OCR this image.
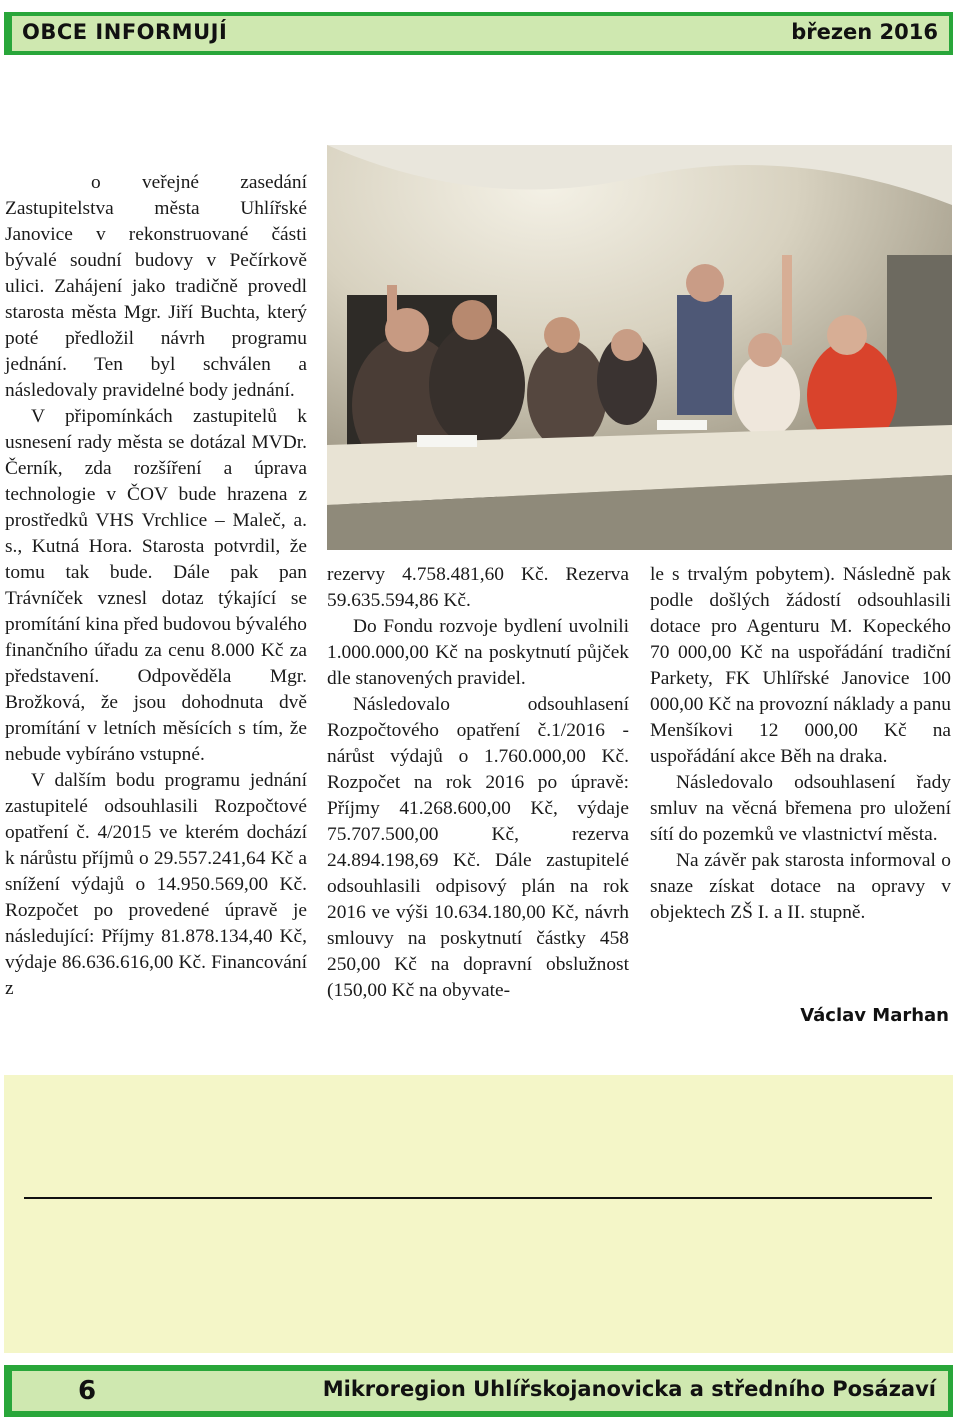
OBCE INFORMUJÍ	březen 2016

o veřejné zasedání Zastupitelstva města Uhlířské Janovice v rekonstruované části bývalé soudní budovy v Pečírkově ulici. Zahájení jako tradičně provedl starosta města Mgr. Jiří Buchta, který poté předložil návrh programu jednání. Ten byl schválen a následovaly pravidelné body jednání.

V připomínkách zastupitelů k usnesení rady města se dotázal MVDr. Černík, zda rozšíření a úprava technologie v ČOV bude hrazena z prostředků VHS Vrchlice – Maleč, a. s., Kutná Hora. Starosta potvrdil, že tomu tak bude. Dále pak pan Trávníček vznesl dotaz týkající se promítání kina před budovou bývalého finančního úřadu za cenu 8.000 Kč za představení. Odpověděla Mgr. Brožková, že jsou dohodnuta dvě promítání v letních měsících s tím, že nebude vybíráno vstupné.

V dalším bodu programu jednání zastupitelé odsouhlasili Rozpočtové opatření č. 4/2015 ve kterém dochází k nárůstu příjmů o 29.557.241,64 Kč a snížení výdajů o 14.950.569,00 Kč. Rozpočet po provedené úpravě je následující: Příjmy 81.878.134,40 Kč, výdaje 86.636.616,00 Kč. Financování z

rezervy 4.758.481,60 Kč. Rezerva 59.635.594,86 Kč.

Do Fondu rozvoje bydlení uvolnili 1.000.000,00 Kč na poskytnutí půjček dle stanovených pravidel.

Následovalo odsouhlasení Rozpočtového opatření č.1/2016 - nárůst výdajů o 1.760.000,00 Kč. Rozpočet na rok 2016 po úpravě: Příjmy 41.268.600,00 Kč, výdaje 75.707.500,00 Kč, rezerva 24.894.198,69 Kč. Dále zastupitelé odsouhlasili odpisový plán na rok 2016 ve výši 10.634.180,00 Kč, návrh smlouvy na poskytnutí částky 458 250,00 Kč na dopravní obslužnost (150,00 Kč na obyvate-

le s trvalým pobytem). Následně pak podle došlých žádostí odsouhlasili dotace pro Agenturu M. Kopeckého 70 000,00 Kč na uspořádání tradiční Parkety, FK Uhlířské Janovice 100 000,00 Kč na provozní náklady a panu Menšíkovi 12 000,00 Kč na uspořádání akce Běh na draka.

Následovalo odsouhlasení řady smluv na věcná břemena pro uložení sítí do pozemků ve vlastnictví města.

Na závěr pak starosta informoval o snaze získat dotace na opravy v objektech ZŠ I. a II. stupně.

Václav Marhan
6	Mikroregion Uhlířskojanovicka a středního Posázaví
